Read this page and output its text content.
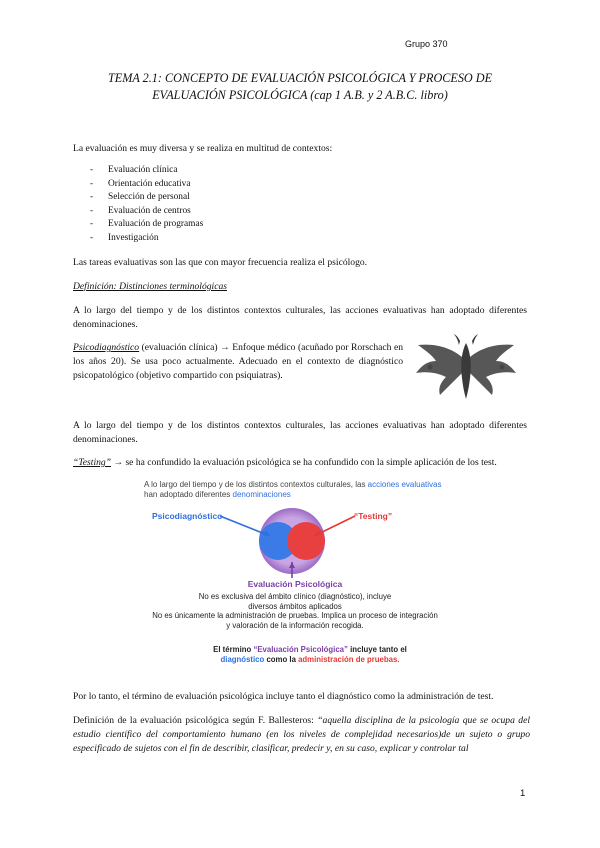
Grupo 370
TEMA 2.1: CONCEPTO DE EVALUACIÓN PSICOLÓGICA Y PROCESO DE
EVALUACIÓN PSICOLÓGICA (cap 1 A.B. y 2 A.B.C. libro)
La evaluación es muy diversa y se realiza en multitud de contextos:
- Evaluación clínica
- Orientación educativa
- Selección de personal
- Evaluación de centros
- Evaluación de programas
- Investigación
Las tareas evaluativas son las que con mayor frecuencia realiza el psicólogo.
Definición: Distinciones terminológicas
A lo largo del tiempo y de los distintos contextos culturales, las acciones evaluativas han adoptado diferentes denominaciones.
Psicodiagnóstico (evaluación clínica) → Enfoque médico (acuñado por Rorschach en los años 20). Se usa poco actualmente. Adecuado en el contexto de diagnóstico psicopatológico (objetivo compartido con psiquiatras).
A lo largo del tiempo y de los distintos contextos culturales, las acciones evaluativas han adoptado diferentes denominaciones.
“Testing” → se ha confundido la evaluación psicológica se ha confundido con la simple aplicación de los test.
A lo largo del tiempo y de los distintos contextos culturales, las acciones evaluativas
han adoptado diferentes denominaciones
Psicodiagnóstico	“Testing”
Evaluación Psicológica
No es exclusiva del ámbito clínico (diagnóstico), incluye
diversos ámbitos aplicados
No es únicamente la administración de pruebas. Implica un proceso de integración
y valoración de la información recogida.
El término “Evaluación Psicológica” incluye tanto el
diagnóstico como la administración de pruebas.
Por lo tanto, el término de evaluación psicológica incluye tanto el diagnóstico como la administración de test.
Definición de la evaluación psicológica según F. Ballesteros: “aquella disciplina de la psicología que se ocupa del estudio científico del comportamiento humano (en los niveles de complejidad necesarios)de un sujeto o grupo especificado de sujetos con el fin de describir, clasificar, predecir y, en su caso, explicar y controlar tal
1
